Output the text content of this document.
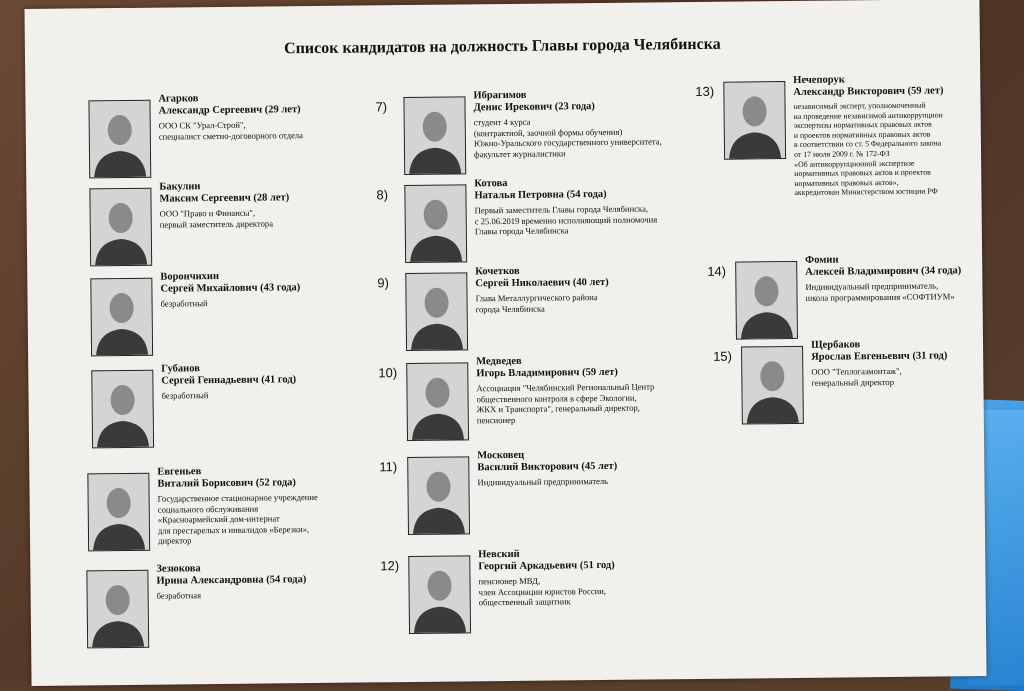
Список кандидатов на должность Главы города Челябинска
Агарков
Александр Сергеевич (29 лет)
ООО СК "Урал-Строй",
специалист сметно-договорного отдела
Бакулин
Максим Сергеевич (28 лет)
ООО "Право и Финансы",
первый заместитель директора
Ворончихин
Сергей Михайлович (43 года)
безработный
Губанов
Сергей Геннадьевич (41 год)
безработный
Евгеньев
Виталий Борисович (52 года)
Государственное стационарное учреждение
социального обслуживания
«Красноармейский дом-интернат
для престарелых и инвалидов «Березки»,
директор
Зезюкова
Ирина Александровна (54 года)
безработная
7)
Ибрагимов
Денис Ирекович (23 года)
студент 4 курса
(контрактной, заочной формы обучения)
Южно-Уральского государственного университета,
факультет журналистики
8)
Котова
Наталья Петровна (54 года)
Первый заместитель Главы города Челябинска,
с 25.06.2019 временно исполняющий полномочия
Главы города Челябинска
9)
Кочетков
Сергей Николаевич (40 лет)
Глава Металлургического района
города Челябинска
10)
Медведев
Игорь Владимирович (59 лет)
Ассоциация "Челябинский Региональный Центр
общественного контроля в сфере Экологии,
ЖКХ и Транспорта", генеральный директор,
пенсионер
11)
Московец
Василий Викторович (45 лет)
Индивидуальный предприниматель
12)
Невский
Георгий Аркадьевич (51 год)
пенсионер МВД,
член Ассоциации юристов России,
общественный защитник
13)
Нечепорук
Александр Викторович (59 лет)
независимый эксперт, уполномоченный
на проведение независимой антикоррупцион
экспертизы нормативных правовых актов
и проектов нормативных правовых актов
в соответствии со ст. 5 Федерального закона
от 17 июля 2009 г. № 172-ФЗ
«Об антикоррупционной экспертизе
нормативных правовых актов и проектов
нормативных правовых актов»,
аккредитован Министерством юстиции РФ
14)
Фомин
Алексей Владимирович (34 года)
Индивидуальный предприниматель,
школа программирования «СОФТИУМ»
15)
Щербаков
Ярослав Евгеньевич (31 год)
ООО "Теплогазмонтаж",
генеральный директор
